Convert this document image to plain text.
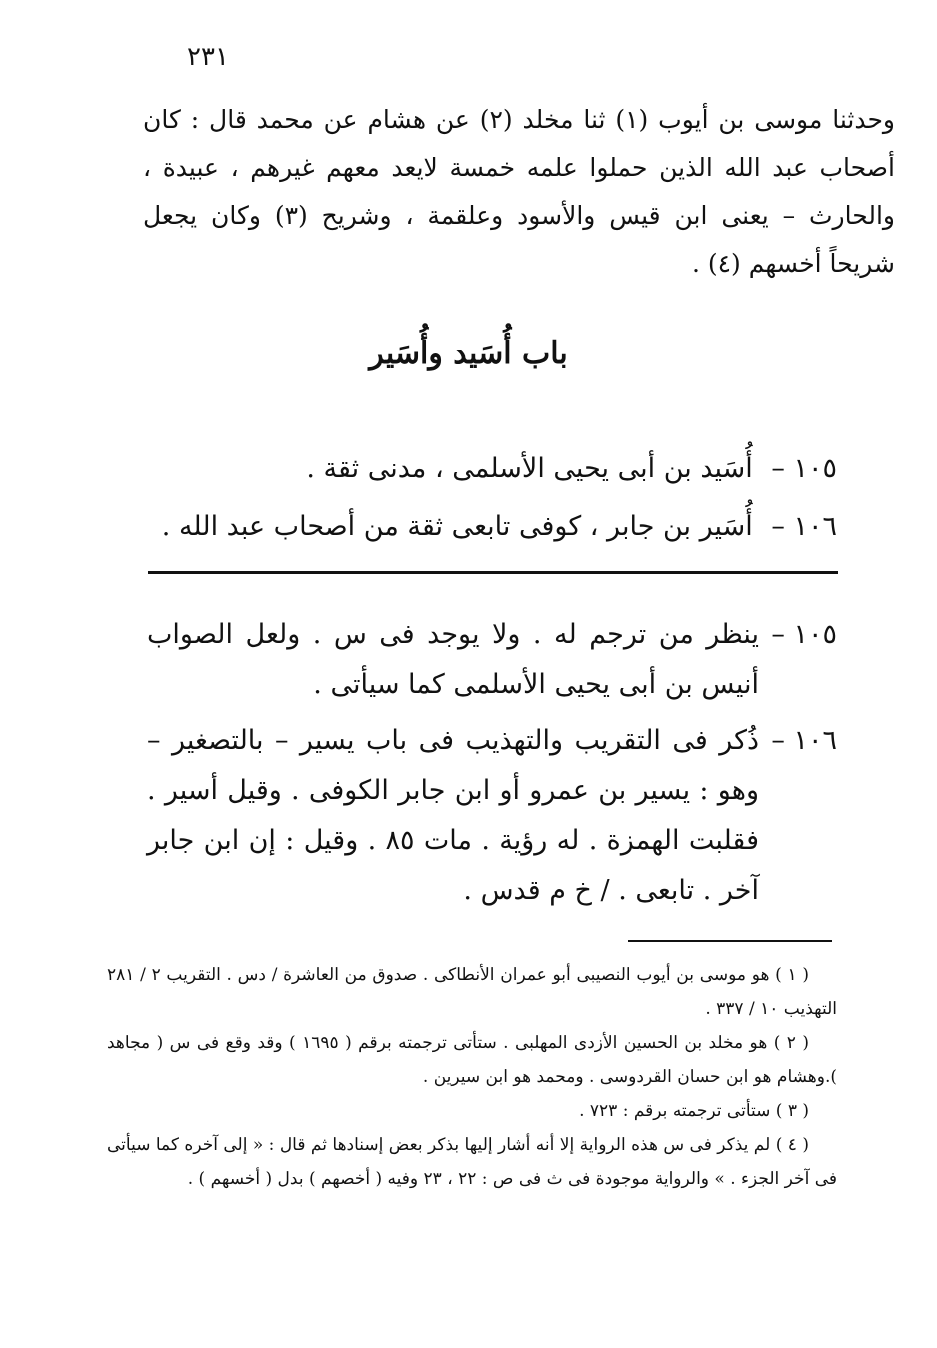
٢٣١

وحدثنا موسى بن أيوب (١) ثنا مخلد (٢) عن هشام عن محمد قال : كان أصحاب عبد الله الذين حملوا علمه خمسة لايعد معهم غيرهم ، عبيدة ، والحارث – يعنى ابن قيس والأسود وعلقمة ، وشريح (٣) وكان يجعل شريحاً أخسهم (٤) .

باب أُسَيد وأُسَير
١٠٥ – أُسَيد بن أبى يحيى الأسلمى ، مدنى ثقة .
١٠٦ – أُسَير بن جابر ، كوفى تابعى ثقة من أصحاب عبد الله .
١٠٥ –
ينظر من ترجم له . ولا يوجد فى س . ولعل الصواب أنيس بن أبى يحيى الأسلمى كما سيأتى .
١٠٦ –
ذُكر فى التقريب والتهذيب فى باب يسير – بالتصغير – وهو : يسير بن عمرو أو ابن جابر الكوفى . وقيل أسير . فقلبت الهمزة . له رؤية . مات ٨٥ . وقيل : إن ابن جابر آخر . تابعى . / خ م قدس .
( ١ ) هو موسى بن أيوب النصيبى أبو عمران الأنطاكى . صدوق من العاشرة / دس . التقريب ٢ / ٢٨١ التهذيب ١٠ / ٣٣٧ .
( ٢ ) هو مخلد بن الحسين الأزدى المهلبى . ستأتى ترجمته برقم ( ١٦٩٥ ) وقد وقع فى س ( مجاهد ).وهشام هو ابن حسان القردوسى . ومحمد هو ابن سيرين .
( ٣ ) ستأتى ترجمته برقم : ٧٢٣ .
( ٤ ) لم يذكر فى س هذه الرواية إلا أنه أشار إليها بذكر بعض إسنادها ثم قال : « إلى آخره كما سيأتى فى آخر الجزء . » والرواية موجودة فى ث فى ص : ٢٢ ، ٢٣ وفيه ( أخصهم ) بدل ( أخسهم ) .
